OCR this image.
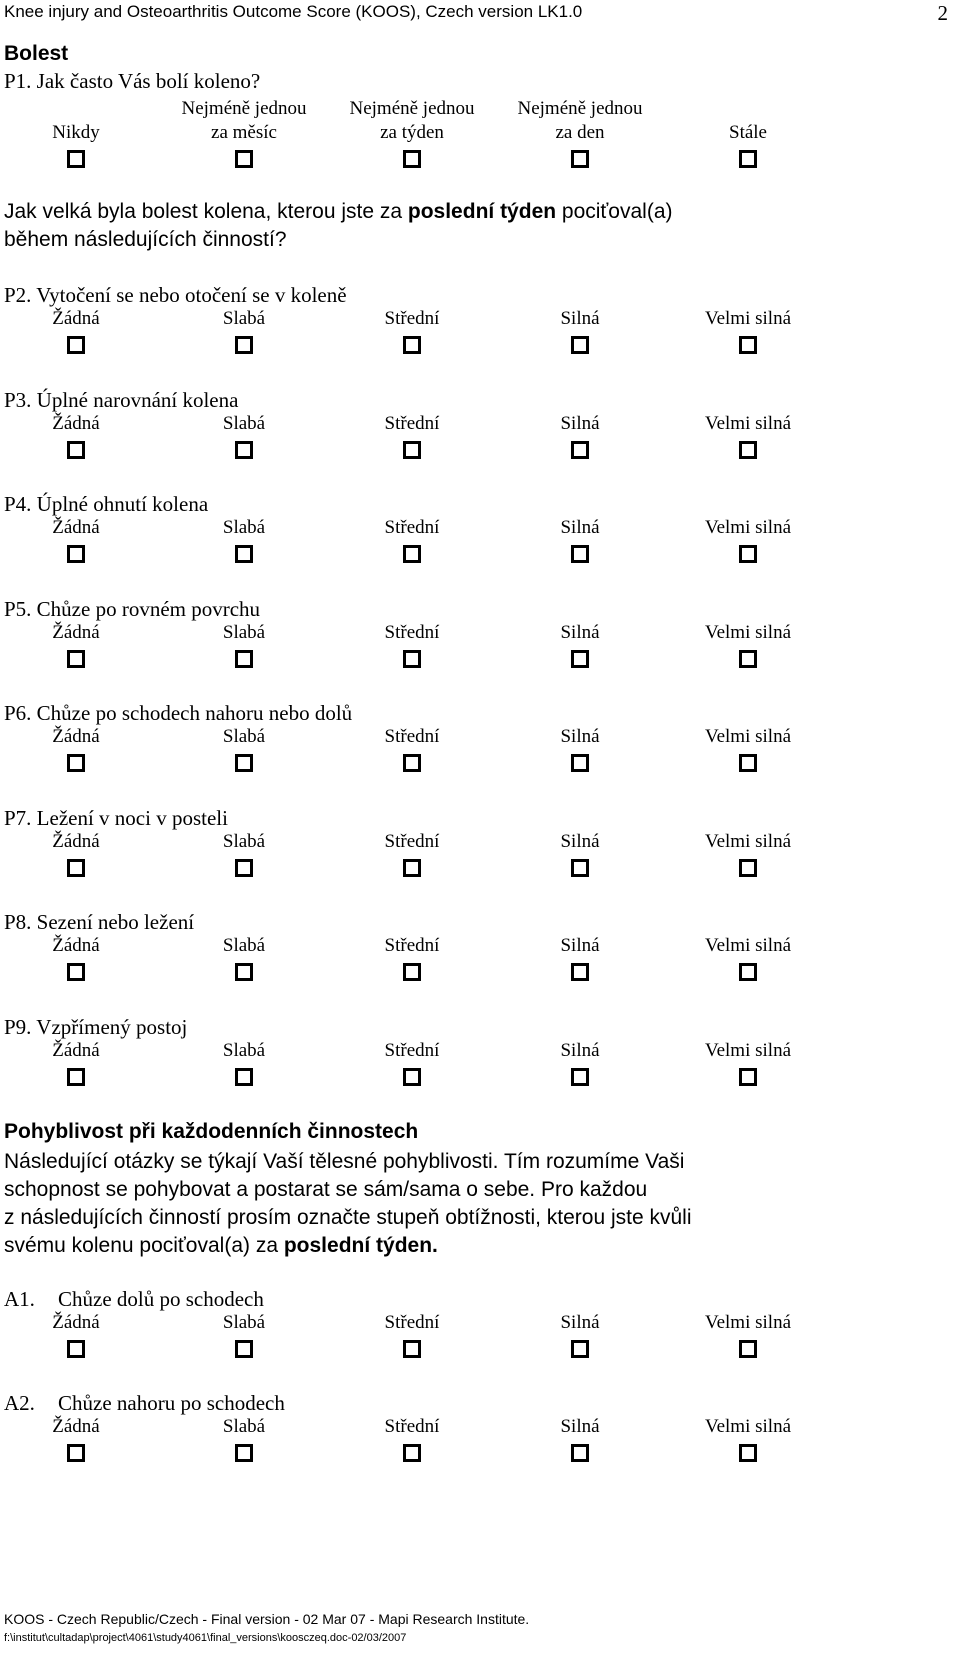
Knee injury and Osteoarthritis Outcome Score (KOOS), Czech version LK1.0	2
Bolest
P1. Jak často Vás bolí koleno?
Nikdy
Nejméně jednou
za měsíc
Nejméně jednou
za týden
Nejméně jednou
za den	Stále
Jak velká byla bolest kolena, kterou jste za poslední týden pociťoval(a)
během následujících činností?
P2. Vytočení se nebo otočení se v koleně
Žádná	Slabá	Střední	Silná	Velmi silná
P3. Úplné narovnání kolena
Žádná	Slabá	Střední	Silná	Velmi silná
P4. Úplné ohnutí kolena
Žádná	Slabá	Střední	Silná	Velmi silná
P5. Chůze po rovném povrchu
Žádná	Slabá	Střední	Silná	Velmi silná
P6. Chůze po schodech nahoru nebo dolů
Žádná	Slabá	Střední	Silná	Velmi silná
P7. Ležení v noci v posteli
Žádná	Slabá	Střední	Silná	Velmi silná
P8. Sezení nebo ležení
Žádná	Slabá	Střední	Silná	Velmi silná
P9. Vzpřímený postoj
Žádná	Slabá	Střední	Silná	Velmi silná
Pohyblivost při každodenních činnostech
Následující otázky se týkají Vaší tělesné pohyblivosti. Tím rozumíme Vaši
schopnost se pohybovat a postarat se sám/sama o sebe. Pro každou
z následujících činností prosím označte stupeň obtížnosti, kterou jste kvůli
svému kolenu pociťoval(a) za poslední týden.
A1. Chůze dolů po schodech
Žádná	Slabá	Střední	Silná	Velmi silná
A2. Chůze nahoru po schodech
Žádná	Slabá	Střední	Silná	Velmi silná
KOOS - Czech Republic/Czech - Final version - 02 Mar 07 - Mapi Research Institute.
f:\institut\cultadap\project\4061\study4061\final_versions\koosczeq.doc-02/03/2007
